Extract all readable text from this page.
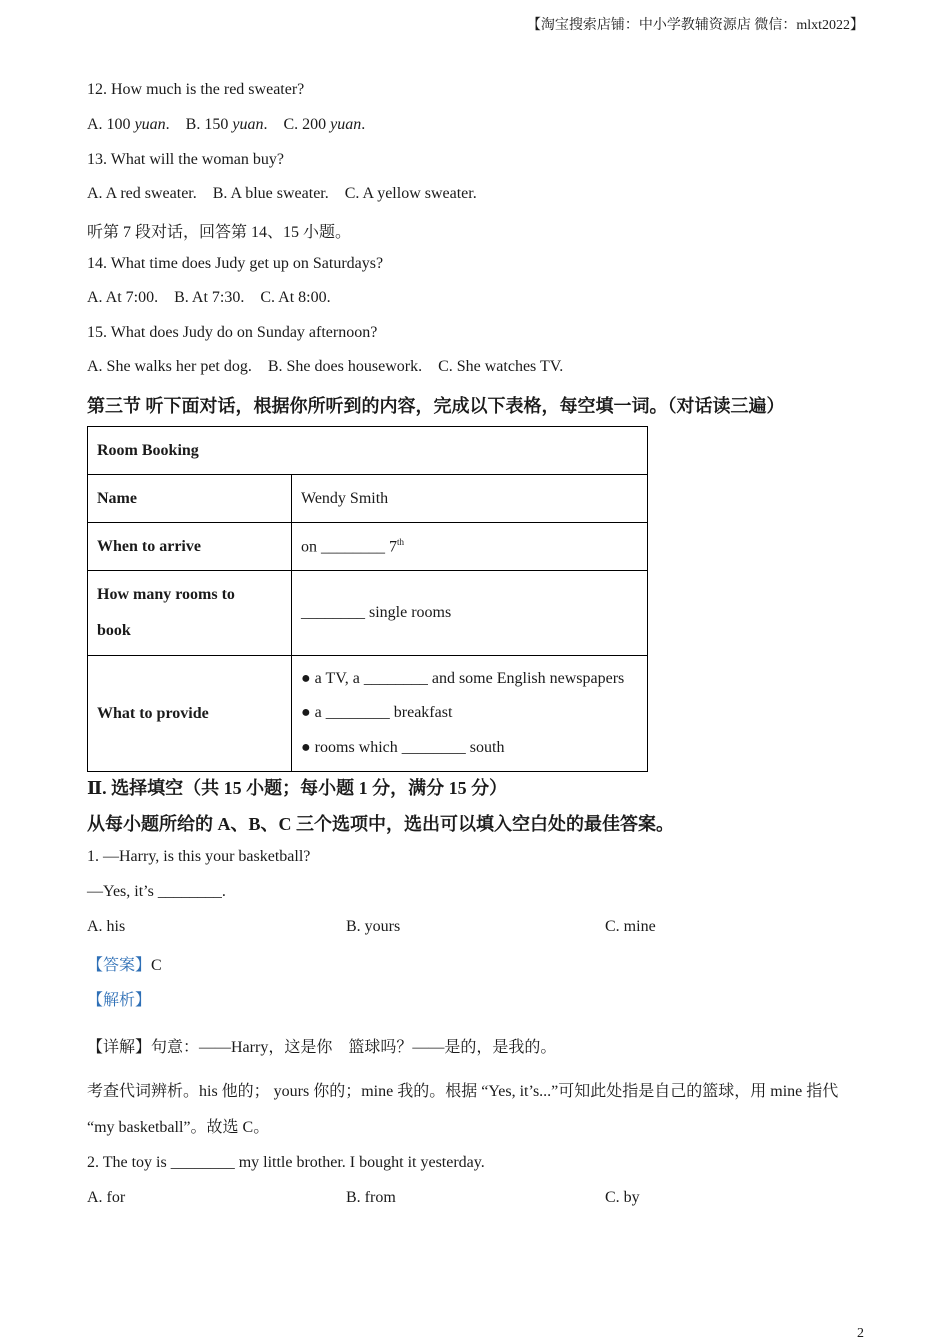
【淘宝搜索店铺：中小学教辅资源店 微信：mlxt2022】
12. How much is the red sweater?
A. 100 yuan.    B. 150 yuan.    C. 200 yuan.
13. What will the woman buy?
A. A red sweater.    B. A blue sweater.    C. A yellow sweater.
听第 7 段对话，回答第 14、15 小题。
14. What time does Judy get up on Saturdays?
A. At 7:00.    B. At 7:30.    C. At 8:00.
15. What does Judy do on Sunday afternoon?
A. She walks her pet dog.    B. She does housework.    C. She watches TV.
第三节 听下面对话，根据你所听到的内容，完成以下表格，每空填一词。（对话读三遍）
Room Booking	
Name	Wendy Smith
When to arrive	on ________ 7th
How many rooms to
book	________ single rooms
What to provide	● a TV, a ________ and some English newspapers
● a ________ breakfast
● rooms which ________ south
Ⅱ. 选择填空（共 15 小题；每小题 1 分，满分 15 分）
从每小题所给的 A、B、C 三个选项中，选出可以填入空白处的最佳答案。
1. —Harry, is this your basketball?
—Yes, it’s ________.
A. his	B. yours	C. mine
【答案】C
【解析】
【详解】句意：——Harry，这是你    篮球吗？——是的，是我的。
考查代词辨析。his 他的； yours 你的；mine 我的。根据 “Yes, it’s...”可知此处指是自己的篮球，用 mine 指代 “my basketball”。故选 C。
2. The toy is ________ my little brother. I bought it yesterday.
A. for	B. from	C. by
2
